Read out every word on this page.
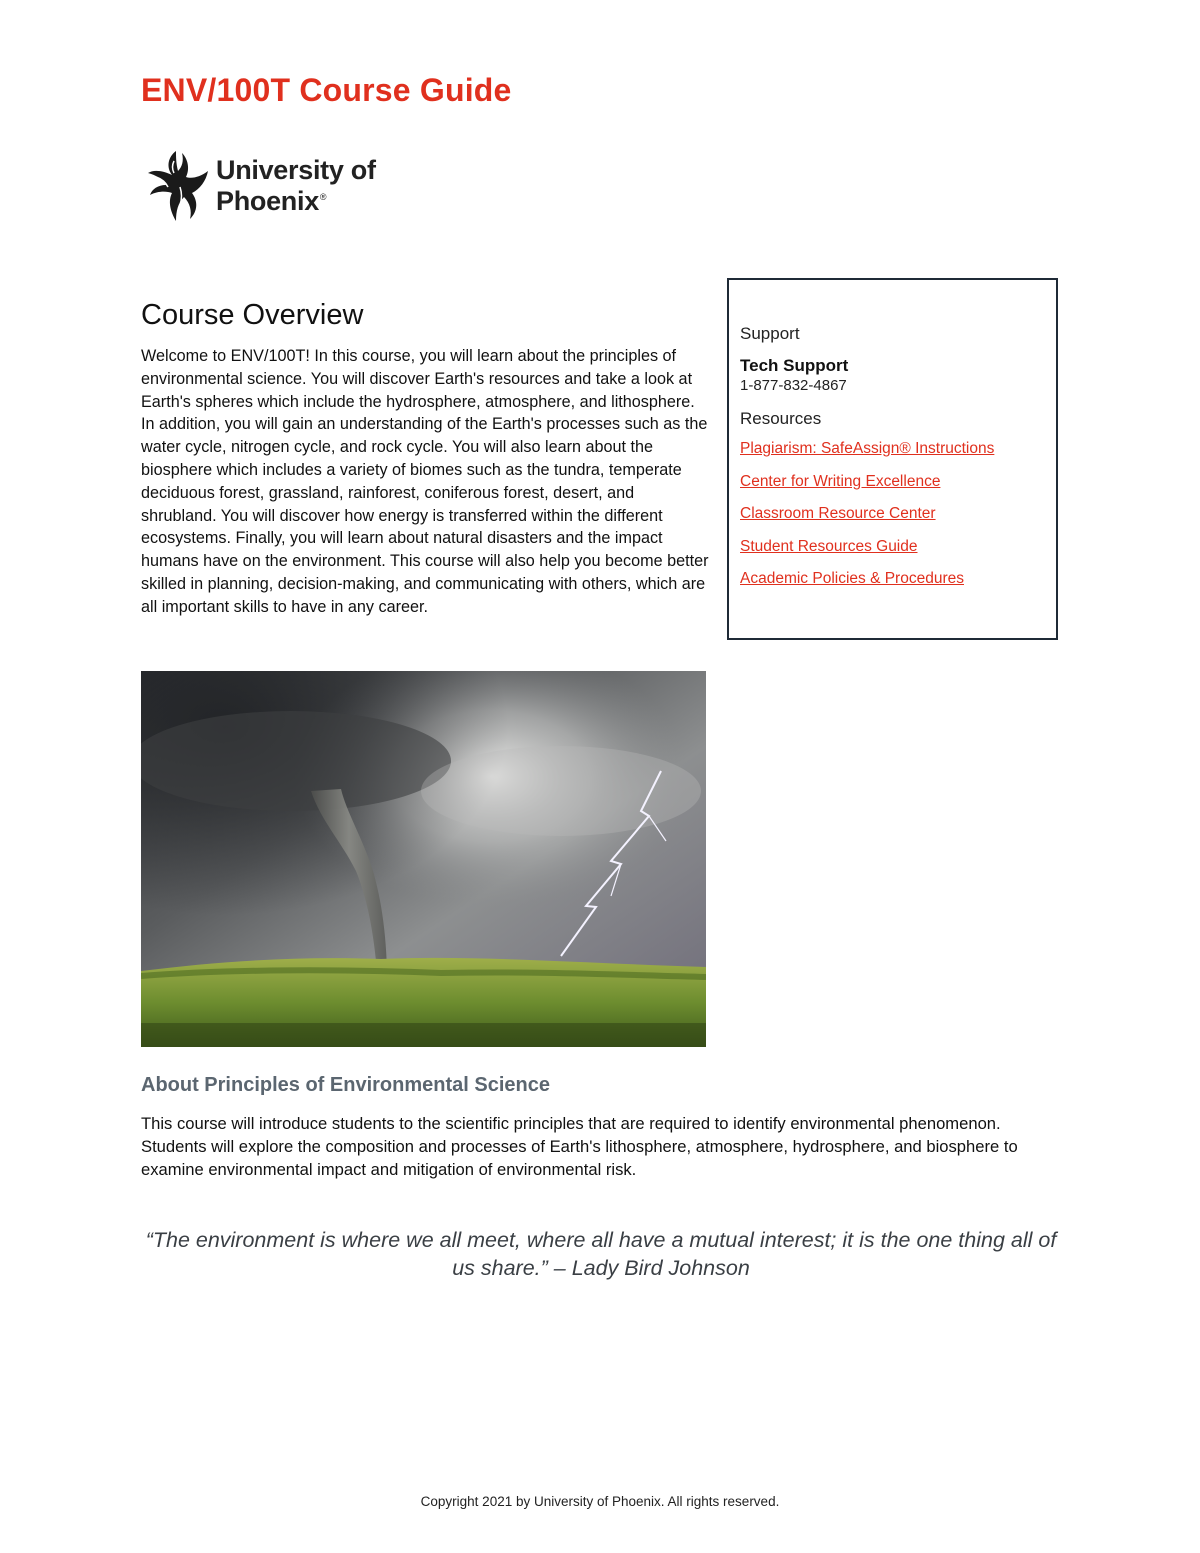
ENV/100T Course Guide
University of Phoenix®
Course Overview

Welcome to ENV/100T! In this course, you will learn about the principles of environmental science. You will discover Earth's resources and take a look at Earth's spheres which include the hydrosphere, atmosphere, and lithosphere. In addition, you will gain an understanding of the Earth's processes such as the water cycle, nitrogen cycle, and rock cycle. You will also learn about the biosphere which includes a variety of biomes such as the tundra, temperate deciduous forest, grassland, rainforest, coniferous forest, desert, and shrubland. You will discover how energy is transferred within the different ecosystems. Finally, you will learn about natural disasters and the impact humans have on the environment. This course will also help you become better skilled in planning, decision-making, and communicating with others, which are all important skills to have in any career.

Support

Tech Support

1-877-832-4867

Resources

Plagiarism: SafeAssign® Instructions
Center for Writing Excellence
Classroom Resource Center
Student Resources Guide
Academic Policies & Procedures
About Principles of Environmental Science

This course will introduce students to the scientific principles that are required to identify environmental phenomenon. Students will explore the composition and processes of Earth's lithosphere, atmosphere, hydrosphere, and biosphere to examine environmental impact and mitigation of environmental risk.

“The environment is where we all meet, where all have a mutual interest; it is the one thing all of us share.” – Lady Bird Johnson

Copyright 2021 by University of Phoenix. All rights reserved.
